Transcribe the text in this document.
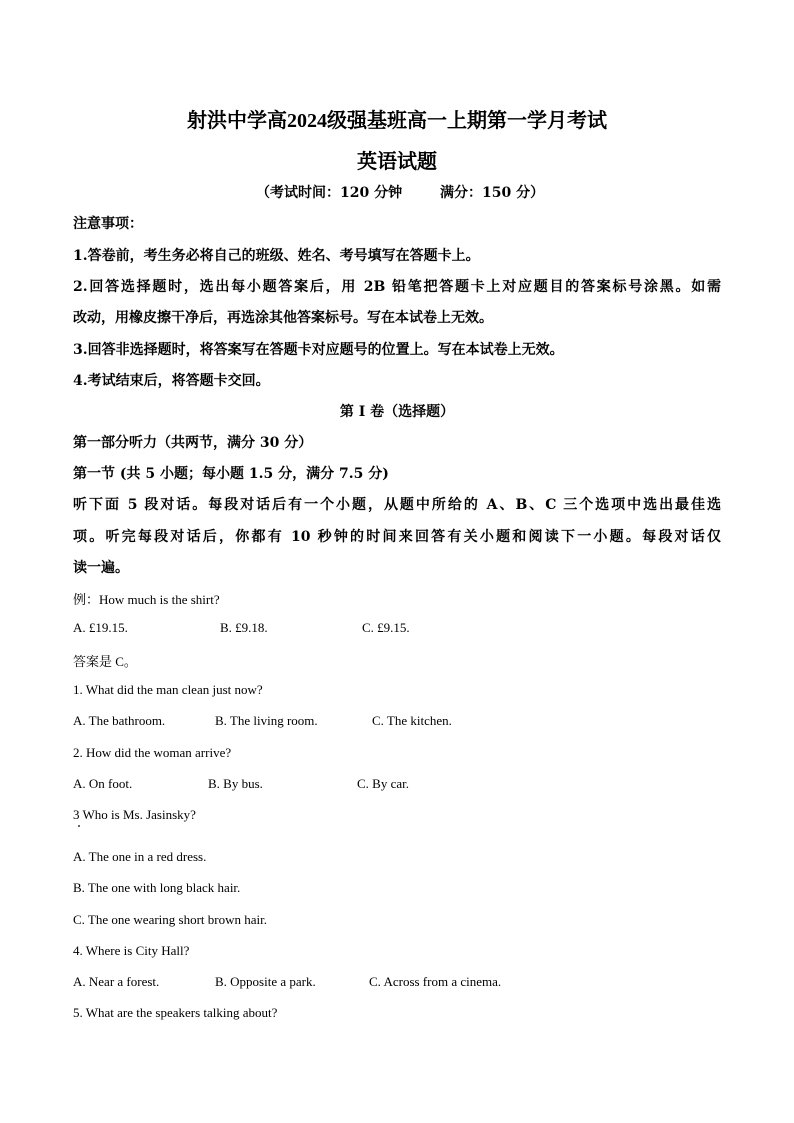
射洪中学高2024级强基班高一上期第一学月考试
英语试题
（考试时间：120 分钟	满分：150 分）
注意事项：
1.答卷前，考生务必将自己的班级、姓名、考号填写在答题卡上。
2.回答选择题时，选出每小题答案后，用 2B 铅笔把答题卡上对应题目的答案标号涂黑。如需
改动，用橡皮擦干净后，再选涂其他答案标号。写在本试卷上无效。
3.回答非选择题时，将答案写在答题卡对应题号的位置上。写在本试卷上无效。
4.考试结束后，将答题卡交回。
第 I 卷（选择题）
第一部分听力（共两节，满分 30 分）
第一节 (共 5 小题；每小题 1.5 分，满分 7.5 分)
听下面 5 段对话。每段对话后有一个小题，从题中所给的 A、B、C 三个选项中选出最佳选
项。听完每段对话后，你都有 10 秒钟的时间来回答有关小题和阅读下一小题。每段对话仅
读一遍。
例：How much is the shirt?
A. £19.15.	B. £9.18.	C. £9.15.
答案是 C。
1. What did the man clean just now?
A. The bathroom.	B. The living room.	C. The kitchen.
2. How did the woman arrive?
A. On foot.	B. By bus.	C. By car.
3 Who is Ms. Jasinsky?
A. The one in a red dress.
B. The one with long black hair.
C. The one wearing short brown hair.
4. Where is City Hall?
A. Near a forest.	B. Opposite a park.	C. Across from a cinema.
5. What are the speakers talking about?
